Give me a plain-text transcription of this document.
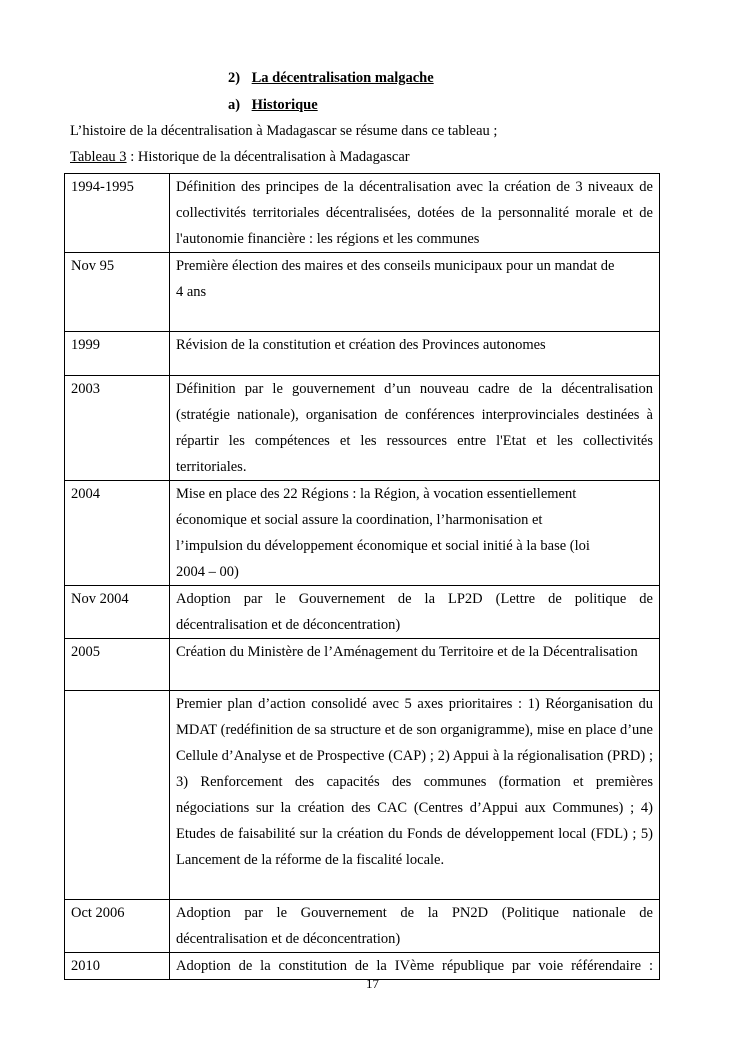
2) La décentralisation malgache
a) Historique
L’histoire de la décentralisation à Madagascar se résume dans ce tableau ;
Tableau 3 : Historique de la décentralisation à Madagascar
1994-1995	Définition des principes de la décentralisation avec la création de 3 niveaux de collectivités territoriales décentralisées, dotées de la personnalité morale et de l'autonomie financière : les régions et les communes
Nov 95	Première élection des maires et des conseils municipaux pour un mandat de 4 ans
1999	Révision de la constitution et création des Provinces autonomes
2003	Définition par le gouvernement d’un nouveau cadre de la décentralisation (stratégie nationale), organisation de conférences interprovinciales destinées à répartir les compétences et les ressources entre l'Etat et les collectivités territoriales.
2004	Mise en place des 22 Régions : la Région, à vocation essentiellement économique et social assure la coordination, l’harmonisation et l’impulsion du développement économique et social initié à la base (loi 2004 – 00)
Nov 2004	Adoption par le Gouvernement de la LP2D (Lettre de politique de décentralisation et de déconcentration)
2005	Création du Ministère de l’Aménagement du Territoire et de la Décentralisation
	Premier plan d’action consolidé avec 5 axes prioritaires : 1) Réorganisation du MDAT (redéfinition de sa structure et de son organigramme), mise en place d’une Cellule d’Analyse et de Prospective (CAP) ; 2) Appui à la régionalisation (PRD) ; 3) Renforcement des capacités des communes (formation et premières négociations sur la création des CAC (Centres d’Appui aux Communes) ; 4) Etudes de faisabilité sur la création du Fonds de développement local (FDL) ; 5) Lancement de la réforme de la fiscalité locale.
Oct 2006	Adoption par le Gouvernement de la PN2D (Politique nationale de décentralisation et de déconcentration)
2010	Adoption de la constitution de la IVème république par voie référendaire :
17
